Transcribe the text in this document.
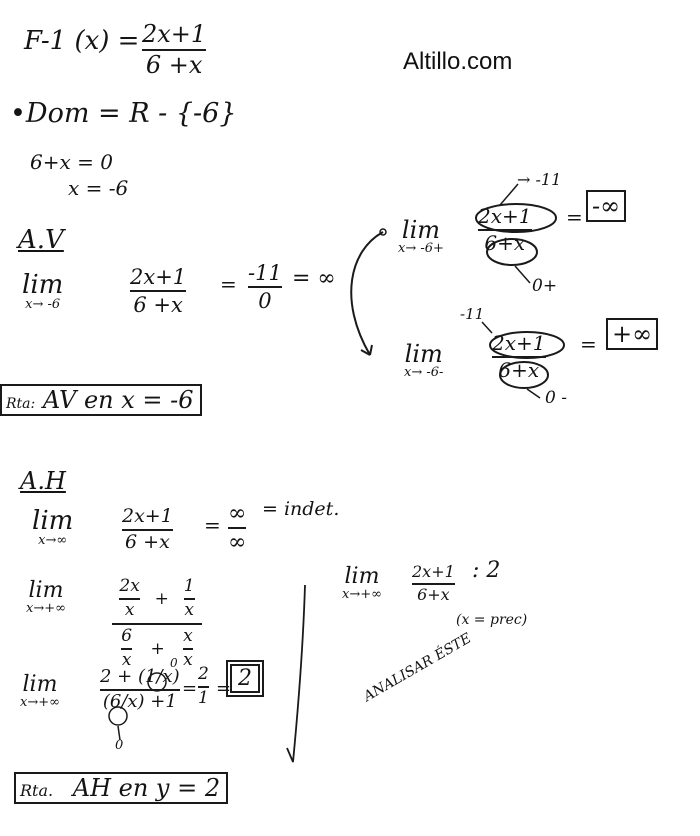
Altillo.com
F-1 (x) = 2x+1
6 +x
•Dom = R - {-6}
6+x = 0
x = -6
A.V
lim
x→ -6
2x+1
6 +x
= -11
0
= ∞
lim
x→ -6+
→ -11
2x+1
6+x
0+
= -∞
-11
lim
x→ -6-
2x+1
6+x
0 -
= +∞
Rta: AV en x = -6
A.H
lim
x→∞
2x+1
6 +x
= ∞
∞
= indet.
lim
x→+∞	$\frac{2x}{x} + \frac{1}{x}$
$\frac{6}{x} + \frac{x}{x}$
lim
x→+∞
0
2 + (1/x)
(6/x) +1
0
=
2
1 = 2
lim
x→+∞
2x+1
6+x
: 2
(x = prec)
ANALISAR ÉSTE
Rta. AH en y = 2
